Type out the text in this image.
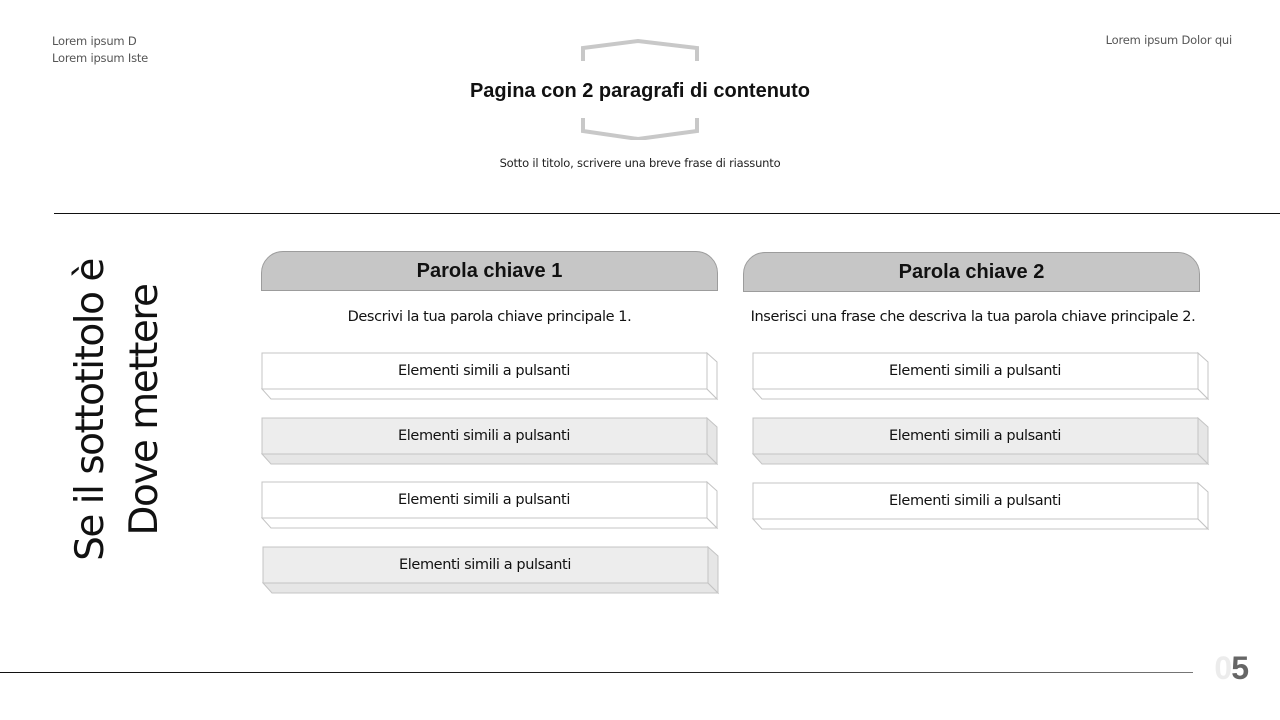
Lorem ipsum D
Lorem ipsum Iste
Lorem ipsum Dolor qui
Pagina con 2 paragrafi di contenuto
Sotto il titolo, scrivere una breve frase di riassunto
Se il sottotitolo è Dove mettere
Parola chiave 1
Descrivi la tua parola chiave principale 1.
Parola chiave 2
Inserisci una frase che descriva la tua parola chiave principale 2.
Elementi simili a pulsanti
Elementi simili a pulsanti
Elementi simili a pulsanti
Elementi simili a pulsanti
Elementi simili a pulsanti
Elementi simili a pulsanti
Elementi simili a pulsanti
05
